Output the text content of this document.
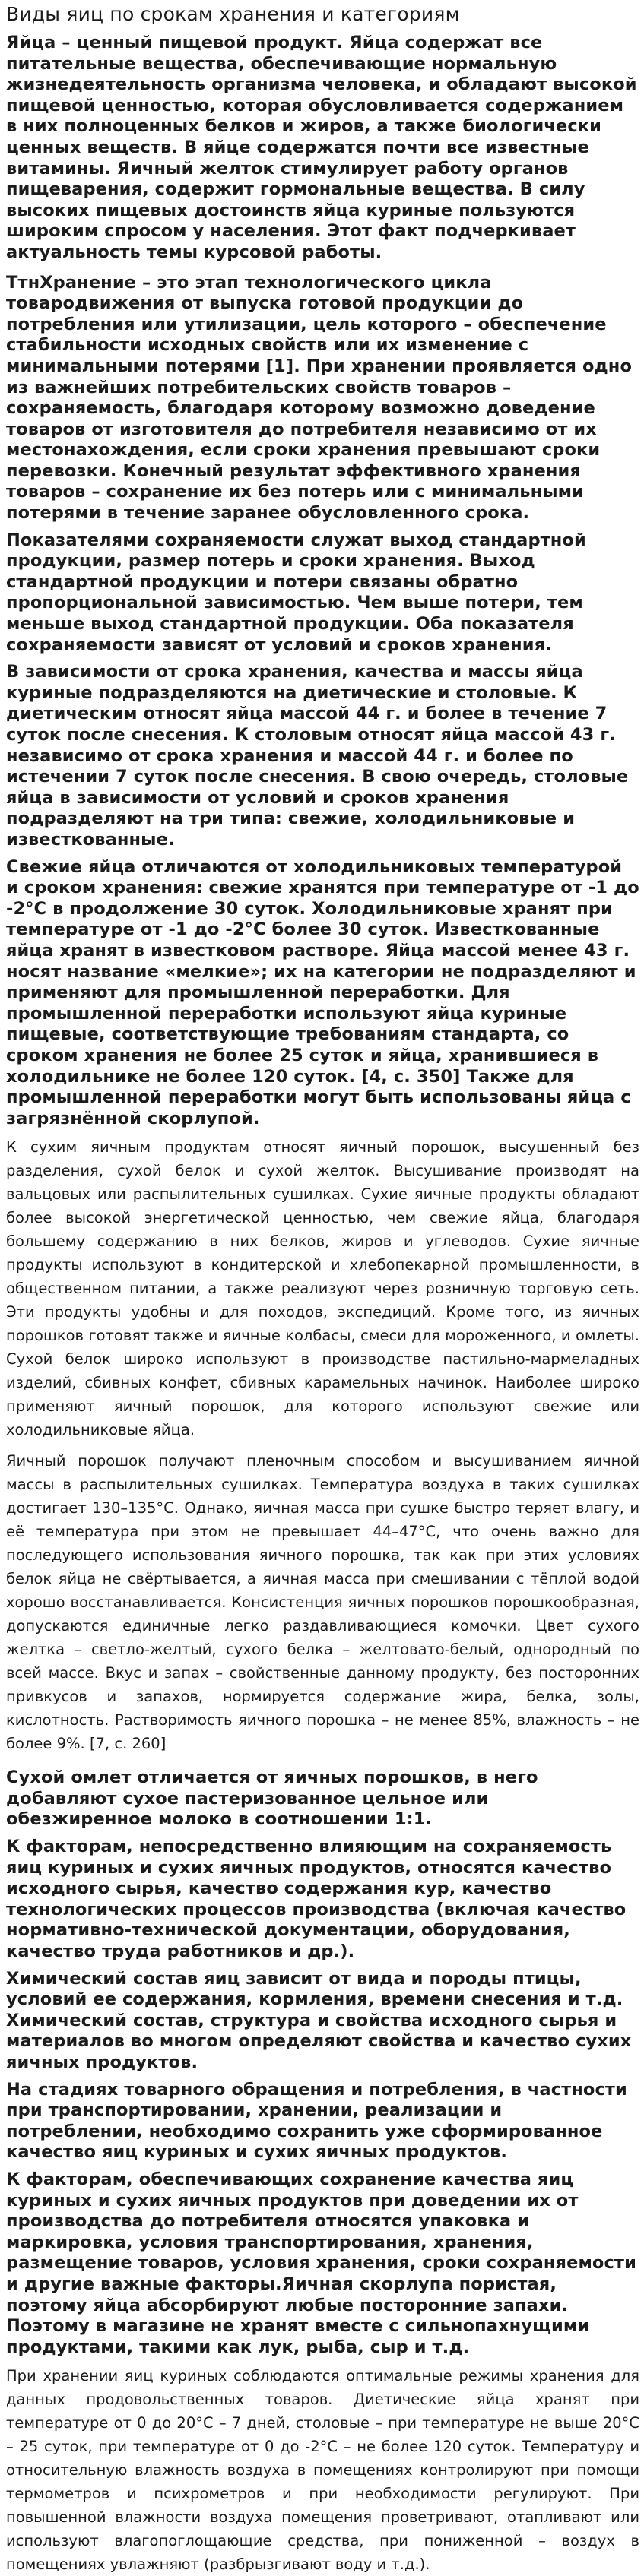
Виды яиц по срокам хранения и категориям

Яйца – ценный пищевой продукт. Яйца содержат все питательные вещества, обеспечивающие нормальную жизнедеятельность организма человека, и обладают высокой пищевой ценностью, которая обусловливается содержанием в них полноценных белков и жиров, а также биологически ценных веществ. В яйце содержатся почти все известные витамины. Яичный желток стимулирует работу органов пищеварения, содержит гормональные вещества. В силу высоких пищевых достоинств яйца куриные пользуются широким спросом у населения. Этот факт подчеркивает актуальность темы курсовой работы.

ТтнХранение – это этап технологического цикла товародвижения от выпуска готовой продукции до потребления или утилизации, цель которого – обеспечение стабильности исходных свойств или их изменение с минимальными потерями [1]. При хранении проявляется одно из важнейших потребительских свойств товаров – сохраняемость, благодаря которому возможно доведение товаров от изготовителя до потребителя независимо от их местонахождения, если сроки хранения превышают сроки перевозки. Конечный результат эффективного хранения товаров – сохранение их без потерь или с минимальными потерями в течение заранее обусловленного срока.

Показателями сохраняемости служат выход стандартной продукции, размер потерь и сроки хранения. Выход стандартной продукции и потери связаны обратно пропорциональной зависимостью. Чем выше потери, тем меньше выход стандартной продукции. Оба показателя сохраняемости зависят от условий и сроков хранения.

В зависимости от срока хранения, качества и массы яйца куриные подразделяются на диетические и столовые. К диетическим относят яйца массой 44 г. и более в течение 7 суток после снесения. К столовым относят яйца массой 43 г. независимо от срока хранения и массой 44 г. и более по истечении 7 суток после снесения. В свою очередь, столовые яйца в зависимости от условий и сроков хранения подразделяют на три типа: свежие, холодильниковые и известкованные.

Свежие яйца отличаются от холодильниковых температурой и сроком хранения: свежие хранятся при температуре от -1 до -2°С в продолжение 30 суток. Холодильниковые хранят при температуре от -1 до -2°С более 30 суток. Известкованные яйца хранят в известковом растворе. Яйца массой менее 43 г. носят название «мелкие»; их на категории не подразделяют и применяют для промышленной переработки. Для промышленной переработки используют яйца куриные пищевые, соответствующие требованиям стандарта, со сроком хранения не более 25 суток и яйца, хранившиеся в холодильнике не более 120 суток. [4, с. 350] Также для промышленной переработки могут быть использованы яйца с загрязнённой скорлупой.

К сухим яичным продуктам относят яичный порошок, высушенный без разделения, сухой белок и сухой желток. Высушивание производят на вальцовых или распылительных сушилках. Сухие яичные продукты обладают более высокой энергетической ценностью, чем свежие яйца, благодаря большему содержанию в них белков, жиров и углеводов. Сухие яичные продукты используют в кондитерской и хлебопекарной промышленности, в общественном питании, а также реализуют через розничную торговую сеть. Эти продукты удобны и для походов, экспедиций. Кроме того, из яичных порошков готовят также и яичные колбасы, смеси для мороженного, и омлеты. Сухой белок широко используют в производстве пастильно-мармеладных изделий, сбивных конфет, сбивных карамельных начинок. Наиболее широко применяют яичный порошок, для которого используют свежие или холодильниковые яйца.

Яичный порошок получают пленочным способом и высушиванием яичной массы в распылительных сушилках. Температура воздуха в таких сушилках достигает 130–135°С. Однако, яичная масса при сушке быстро теряет влагу, и её температура при этом не превышает 44–47°С, что очень важно для последующего использования яичного порошка, так как при этих условиях белок яйца не свёртывается, а яичная масса при смешивании с тёплой водой хорошо восстанавливается. Консистенция яичных порошков порошкообразная, допускаются единичные легко раздавливающиеся комочки. Цвет сухого желтка – светло-желтый, сухого белка – желтовато-белый, однородный по всей массе. Вкус и запах – свойственные данному продукту, без посторонних привкусов и запахов, нормируется содержание жира, белка, золы, кислотность. Растворимость яичного порошка – не менее 85%, влажность – не более 9%. [7, с. 260]

Сухой омлет отличается от яичных порошков, в него добавляют сухое пастеризованное цельное или обезжиренное молоко в соотношении 1:1.

К факторам, непосредственно влияющим на сохраняемость яиц куриных и сухих яичных продуктов, относятся качество исходного сырья, качество содержания кур, качество технологических процессов производства (включая качество нормативно-технической документации, оборудования, качество труда работников и др.).

Химический состав яиц зависит от вида и породы птицы, условий ее содержания, кормления, времени снесения и т.д. Химический состав, структура и свойства исходного сырья и материалов во многом определяют свойства и качество сухих яичных продуктов.

На стадиях товарного обращения и потребления, в частности при транспортировании, хранении, реализации и потреблении, необходимо сохранить уже сформированное качество яиц куриных и сухих яичных продуктов.

К факторам, обеспечивающих сохранение качества яиц куриных и сухих яичных продуктов при доведении их от производства до потребителя относятся упаковка и маркировка, условия транспортирования, хранения, размещение товаров, условия хранения, сроки сохраняемости и другие важные факторы.Яичная скорлупа пористая, поэтому яйца абсорбируют любые посторонние запахи. Поэтому в магазине не хранят вместе с сильнопахнущими продуктами, такими как лук, рыба, сыр и т.д.

При хранении яиц куриных соблюдаются оптимальные режимы хранения для данных продовольственных товаров. Диетические яйца хранят при температуре от 0 до 20°С – 7 дней, столовые – при температуре не выше 20°С – 25 суток, при температуре от 0 до -2°С – не более 120 суток. Температуру и относительную влажность воздуха в помещениях контролируют при помощи термометров и психрометров и при необходимости регулируют. При повышенной влажности воздуха помещения проветривают, отапливают или используют влагопоглощающие средства, при пониженной – воздух в помещениях увлажняют (разбрызгивают воду и т.д.).
